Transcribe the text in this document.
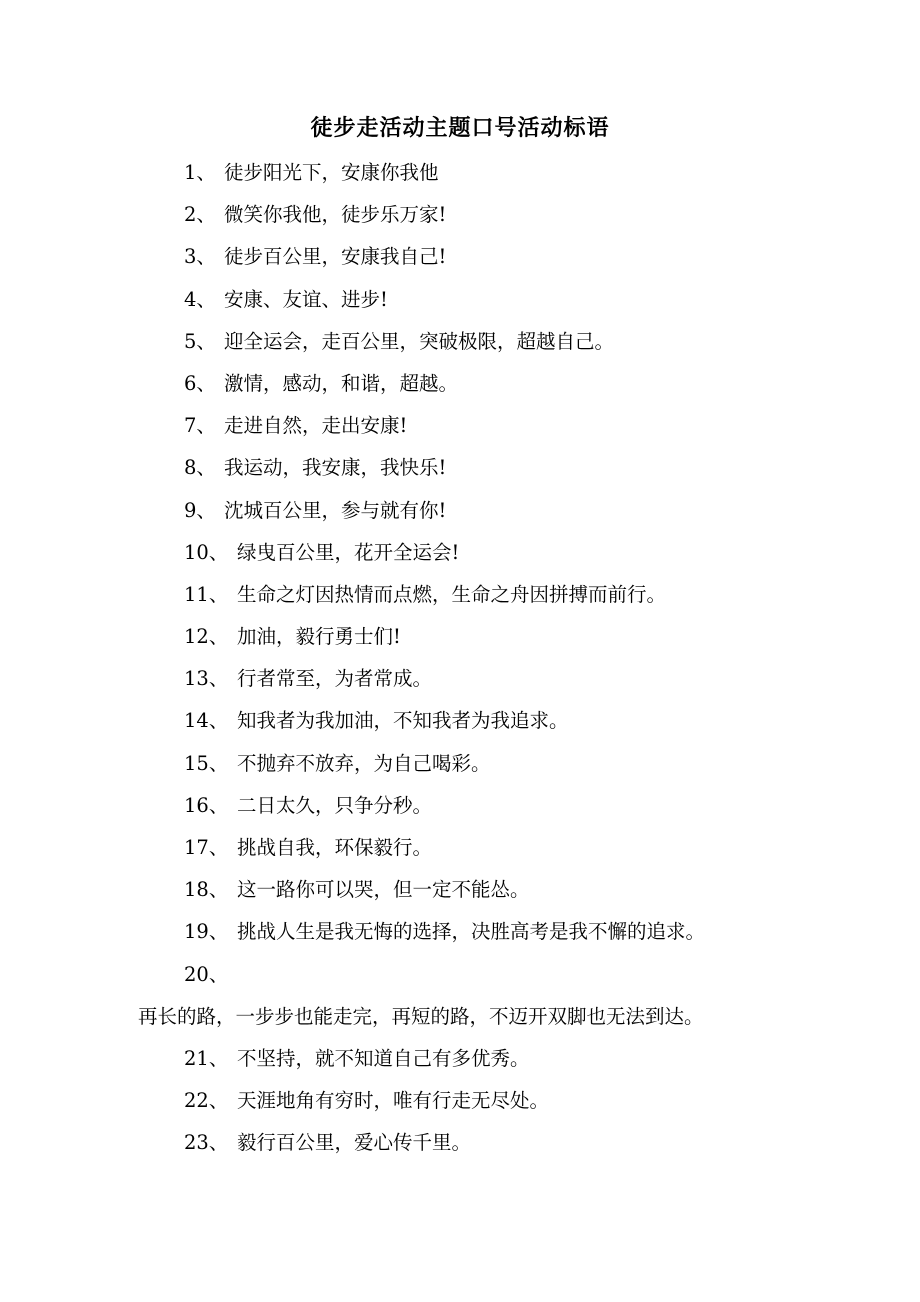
徒步走活动主题口号活动标语
1、 徒步阳光下，安康你我他
2、 微笑你我他，徒步乐万家!
3、 徒步百公里，安康我自己!
4、 安康、友谊、进步!
5、 迎全运会，走百公里，突破极限，超越自己。
6、 激情，感动，和谐，超越。
7、 走进自然，走出安康!
8、 我运动，我安康，我快乐!
9、 沈城百公里，参与就有你!
10、 绿曳百公里，花开全运会!
11、 生命之灯因热情而点燃，生命之舟因拼搏而前行。
12、 加油，毅行勇士们!
13、 行者常至，为者常成。
14、 知我者为我加油，不知我者为我追求。
15、 不抛弃不放弃，为自己喝彩。
16、 二日太久，只争分秒。
17、 挑战自我，环保毅行。
18、 这一路你可以哭，但一定不能怂。
19、 挑战人生是我无悔的选择，决胜高考是我不懈的追求。
20、
再长的路，一步步也能走完，再短的路，不迈开双脚也无法到达。
21、 不坚持，就不知道自己有多优秀。
22、 天涯地角有穷时，唯有行走无尽处。
23、 毅行百公里，爱心传千里。
